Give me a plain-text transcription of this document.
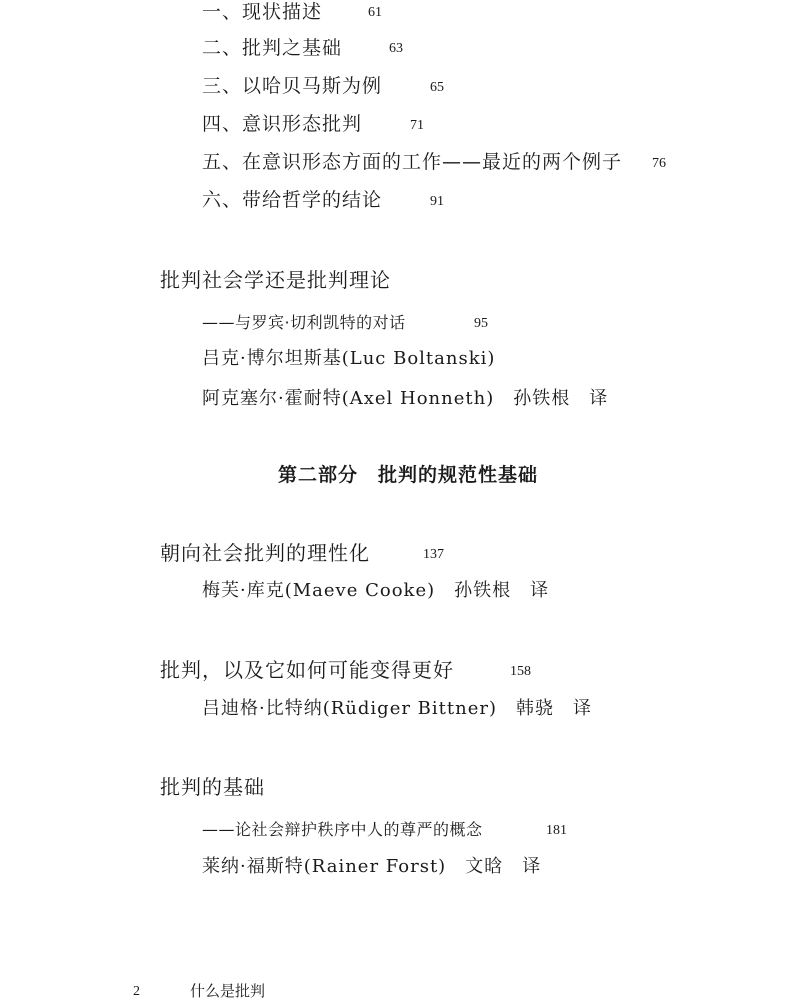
一、现状描述	61
二、批判之基础	63
三、以哈贝马斯为例	65
四、意识形态批判	71
五、在意识形态方面的工作——最近的两个例子 76
六、带给哲学的结论	91
批判社会学还是批判理论
——与罗宾·切利凯特的对话	95
吕克·博尔坦斯基(Luc Boltanski)
阿克塞尔·霍耐特(Axel Honneth)　孙铁根　译
第二部分　批判的规范性基础
朝向社会批判的理性化	137
梅芙·库克(Maeve Cooke)　孙铁根　译
批判，以及它如何可能变得更好	158
吕迪格·比特纳(Rüdiger Bittner)　韩骁　译
批判的基础
——论社会辩护秩序中人的尊严的概念	181
莱纳·福斯特(Rainer Forst)　文晗　译
2	什么是批判
